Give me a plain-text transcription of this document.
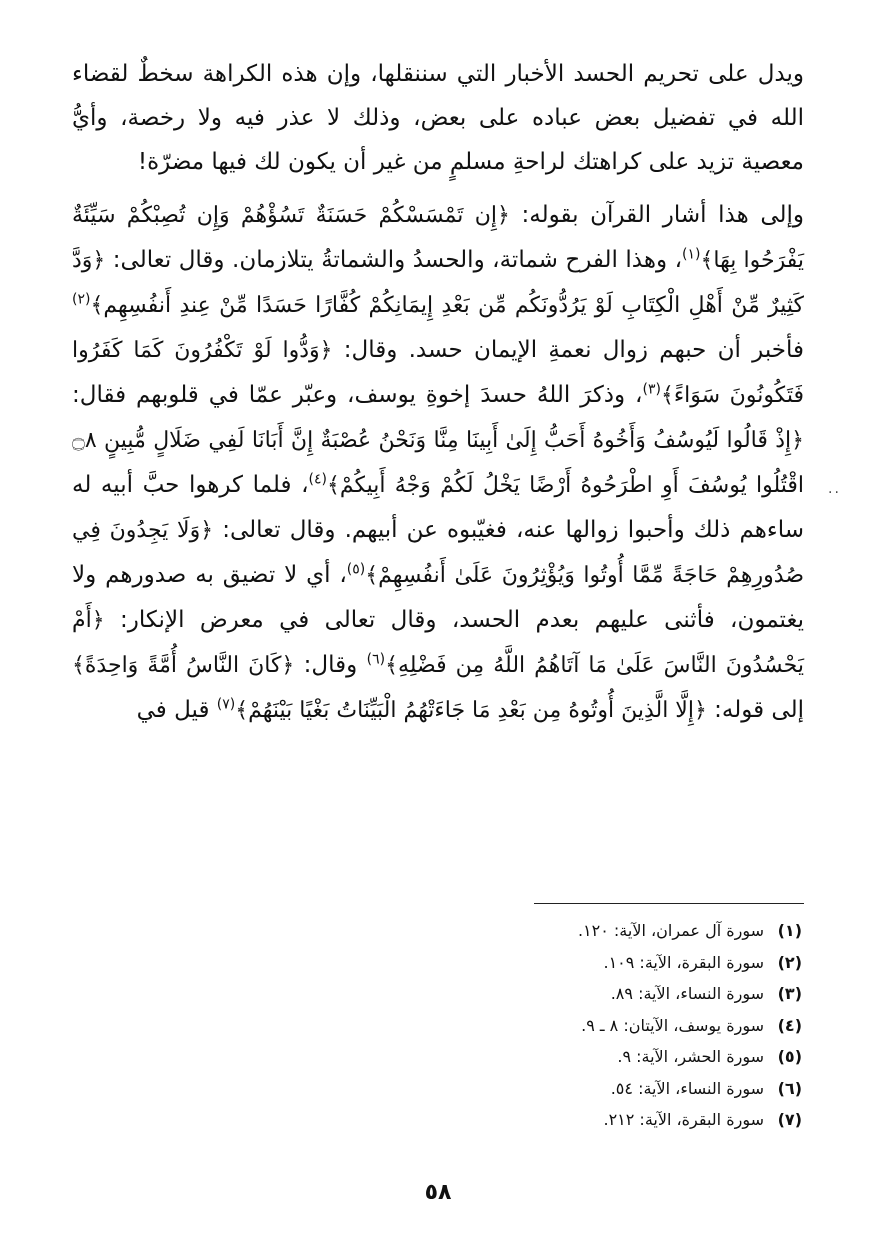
ويدل على تحريم الحسد الأخبار التي سننقلها، وإن هذه الكراهة سخطٌ لقضاء الله في تفضيل بعض عباده على بعض، وذلك لا عذر فيه ولا رخصة، وأيُّ معصية تزيد على كراهتك لراحةِ مسلمٍ من غير أن يكون لك فيها مضرّة!

وإلى هذا أشار القرآن بقوله: ﴿إِن تَمْسَسْكُمْ حَسَنَةٌ تَسُؤْهُمْ وَإِن تُصِبْكُمْ سَيِّئَةٌ يَفْرَحُوا بِهَا﴾$^{(١)}$، وهذا الفرح شماتة، والحسدُ والشماتةُ يتلازمان. وقال تعالى: ﴿وَدَّ كَثِيرٌ مِّنْ أَهْلِ الْكِتَابِ لَوْ يَرُدُّونَكُم مِّن بَعْدِ إِيمَانِكُمْ كُفَّارًا حَسَدًا مِّنْ عِندِ أَنفُسِهِم﴾$^{(٢)}$ فأخبر أن حبهم زوال نعمةِ الإيمان حسد. وقال: ﴿وَدُّوا لَوْ تَكْفُرُونَ كَمَا كَفَرُوا فَتَكُونُونَ سَوَاءً﴾$^{(٣)}$، وذكرَ اللهُ حسدَ إخوةِ يوسف، وعبّر عمّا في قلوبهم فقال: ﴿إِذْ قَالُوا لَيُوسُفُ وَأَخُوهُ أَحَبُّ إِلَىٰ أَبِينَا مِنَّا وَنَحْنُ عُصْبَةٌ إِنَّ أَبَانَا لَفِي ضَلَالٍ مُّبِينٍ ۝٨ اقْتُلُوا يُوسُفَ أَوِ اطْرَحُوهُ أَرْضًا يَخْلُ لَكُمْ وَجْهُ أَبِيكُمْ﴾$^{(٤)}$، فلما كرهوا حبَّ أبيه له ساءهم ذلك وأحبوا زوالها عنه، فغيّبوه عن أبيهم. وقال تعالى: ﴿وَلَا يَجِدُونَ فِي صُدُورِهِمْ حَاجَةً مِّمَّا أُوتُوا وَيُؤْثِرُونَ عَلَىٰ أَنفُسِهِمْ﴾$^{(٥)}$، أي لا تضيق به صدورهم ولا يغتمون، فأثنى عليهم بعدم الحسد، وقال تعالى في معرض الإنكار: ﴿أَمْ يَحْسُدُونَ النَّاسَ عَلَىٰ مَا آتَاهُمُ اللَّهُ مِن فَضْلِهِ﴾$^{(٦)}$ وقال: ﴿كَانَ النَّاسُ أُمَّةً وَاحِدَةً﴾ إلى قوله: ﴿إِلَّا الَّذِينَ أُوتُوهُ مِن بَعْدِ مَا جَاءَتْهُمُ الْبَيِّنَاتُ بَغْيًا بَيْنَهُمْ﴾$^{(٧)}$ قيل في

..
(١)سورة آل عمران، الآية: ١٢٠.
(٢)سورة البقرة، الآية: ١٠٩.
(٣)سورة النساء، الآية: ٨٩.
(٤)سورة يوسف، الآيتان: ٨ ـ ٩.
(٥)سورة الحشر، الآية: ٩.
(٦)سورة النساء، الآية: ٥٤.
(٧)سورة البقرة، الآية: ٢١٢.
٥٨
